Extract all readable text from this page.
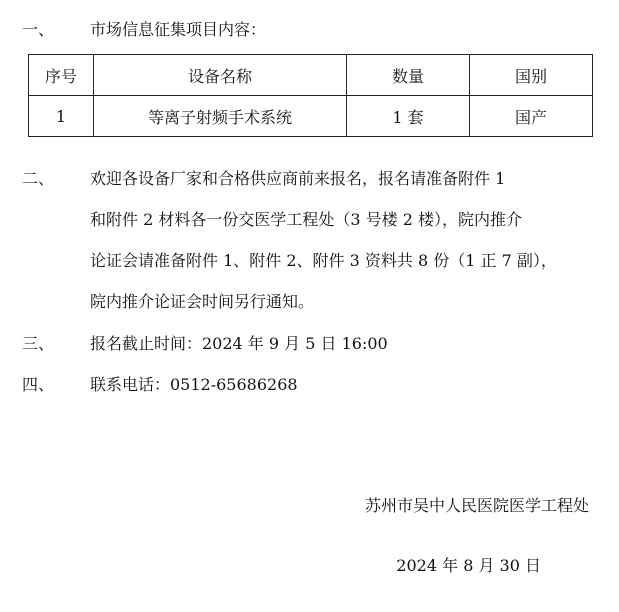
一、	市场信息征集项目内容：
序号	设备名称	数量	国别
1	等离子射频手术系统	1 套	国产
二、	欢迎各设备厂家和合格供应商前来报名，报名请准备附件 1
和附件 2 材料各一份交医学工程处（3 号楼 2 楼），院内推介
论证会请准备附件 1、附件 2、附件 3 资料共 8 份（1 正 7 副），
院内推介论证会时间另行通知。
三、	报名截止时间：2024 年 9 月 5 日 16:00
四、	联系电话：0512-65686268
苏州市吴中人民医院医学工程处
2024 年 8 月 30 日
